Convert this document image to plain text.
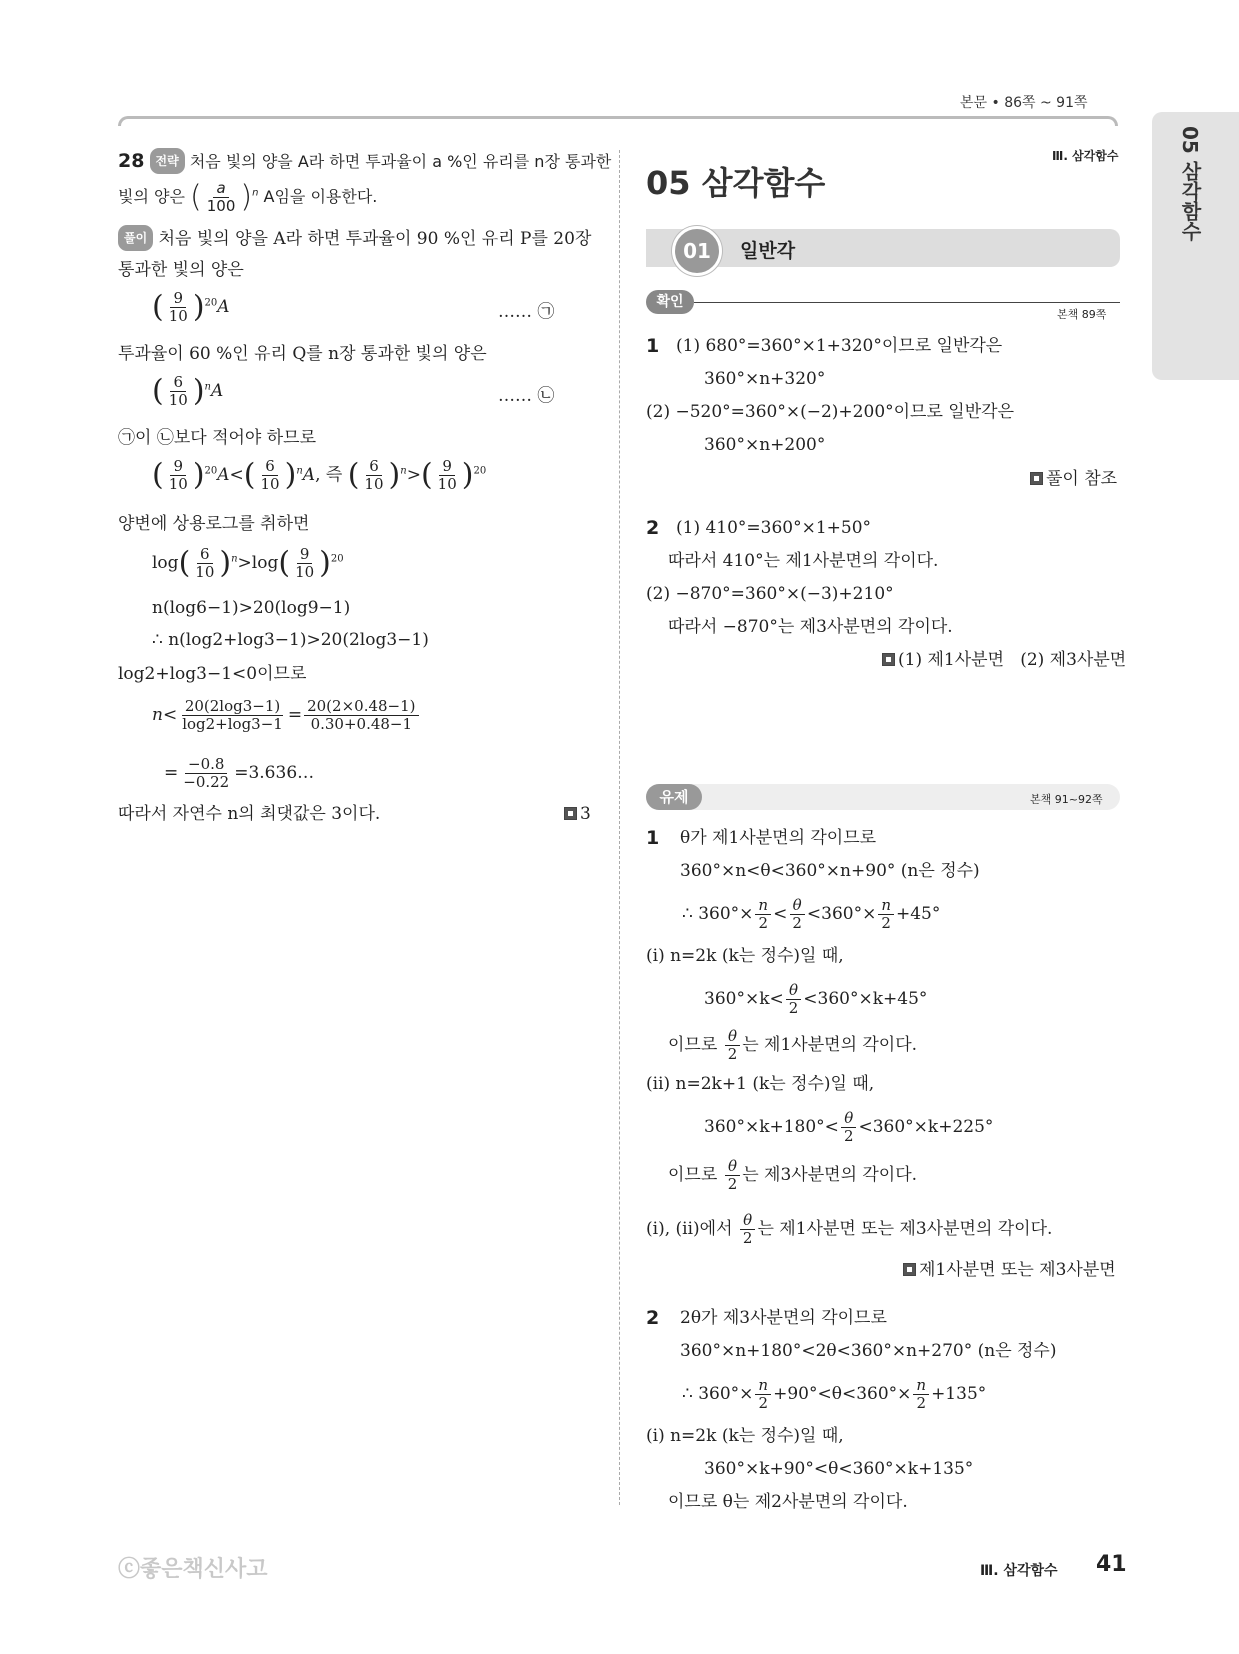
본문 • 86쪽 ~ 91쪽
05 삼각함수
28 전략 처음 빛의 양을 A라 하면 투과율이 a %인 유리를 n장 통과한
빛의 양은 ( $\frac{a}{100} )^n$ A임을 이용한다.
풀이 처음 빛의 양을 A라 하면 투과율이 90 %인 유리 P를 20장
통과한 빛의 양은
( $\frac{9}{10} )^{20}A$	…… ㉠
투과율이 60 %인 유리 Q를 n장 통과한 빛의 양은
( $\frac{6}{10} )^nA$	…… ㉡
㉠이 ㉡보다 적어야 하므로
( $\frac{9}{10} )^{20}A<( \frac{6}{10} )^nA$, 즉 ( $\frac{6}{10} )^n>( \frac{9}{10} )^{20}$
양변에 상용로그를 취하면
$\log( \frac{6}{10} )^n>\log( \frac{9}{10} )^{20}$
n(log6−1)>20(log9−1)
∴ n(log2+log3−1)>20(2log3−1)
log2+log3−1<0이므로
$n< \frac{20(2\log 3-1)}{\log 2+\log 3-1} = \frac{20(2\times 0.48-1)}{0.30+0.48-1}$
= $\frac{-0.8}{-0.22}$ =3.636…
따라서 자연수 n의 최댓값은 3이다.	3
Ⅲ. 삼각함수
05 삼각함수
01	일반각
확인
본책 89쪽
1 (1) 680°=360°×1+320°이므로 일반각은
360°×n+320°
(2) −520°=360°×(−2)+200°이므로 일반각은
360°×n+200°
풀이 참조
2 (1) 410°=360°×1+50°
따라서 410°는 제1사분면의 각이다.
(2) −870°=360°×(−3)+210°
따라서 −870°는 제3사분면의 각이다.
(1) 제1사분면   (2) 제3사분면
유제	본책 91~92쪽
1 θ가 제1사분면의 각이므로
360°×n<θ<360°×n+90° (n은 정수)
∴ $360^\circ\times \frac{n}{2} < \frac{\theta}{2} <360^\circ\times \frac{n}{2} +45^\circ$
(ⅰ) n=2k (k는 정수)일 때,
$360^\circ\times k< \frac{\theta}{2} <360^\circ\times k+45^\circ$
이므로 $\frac{\theta}{2}$ 는 제1사분면의 각이다.
(ⅱ) n=2k+1 (k는 정수)일 때,
$360^\circ\times k+180^\circ< \frac{\theta}{2} <360^\circ\times k+225^\circ$
이므로 $\frac{\theta}{2}$ 는 제3사분면의 각이다.
(ⅰ), (ⅱ)에서 $\frac{\theta}{2}$ 는 제1사분면 또는 제3사분면의 각이다.
제1사분면 또는 제3사분면
2 2θ가 제3사분면의 각이므로
360°×n+180°<2θ<360°×n+270° (n은 정수)
∴ $360^\circ\times \frac{n}{2} +90^\circ<\theta<360^\circ\times \frac{n}{2} +135^\circ$
(ⅰ) n=2k (k는 정수)일 때,
360°×k+90°<θ<360°×k+135°
이므로 θ는 제2사분면의 각이다.
ⓒ좋은책신사고	Ⅲ. 삼각함수 41
